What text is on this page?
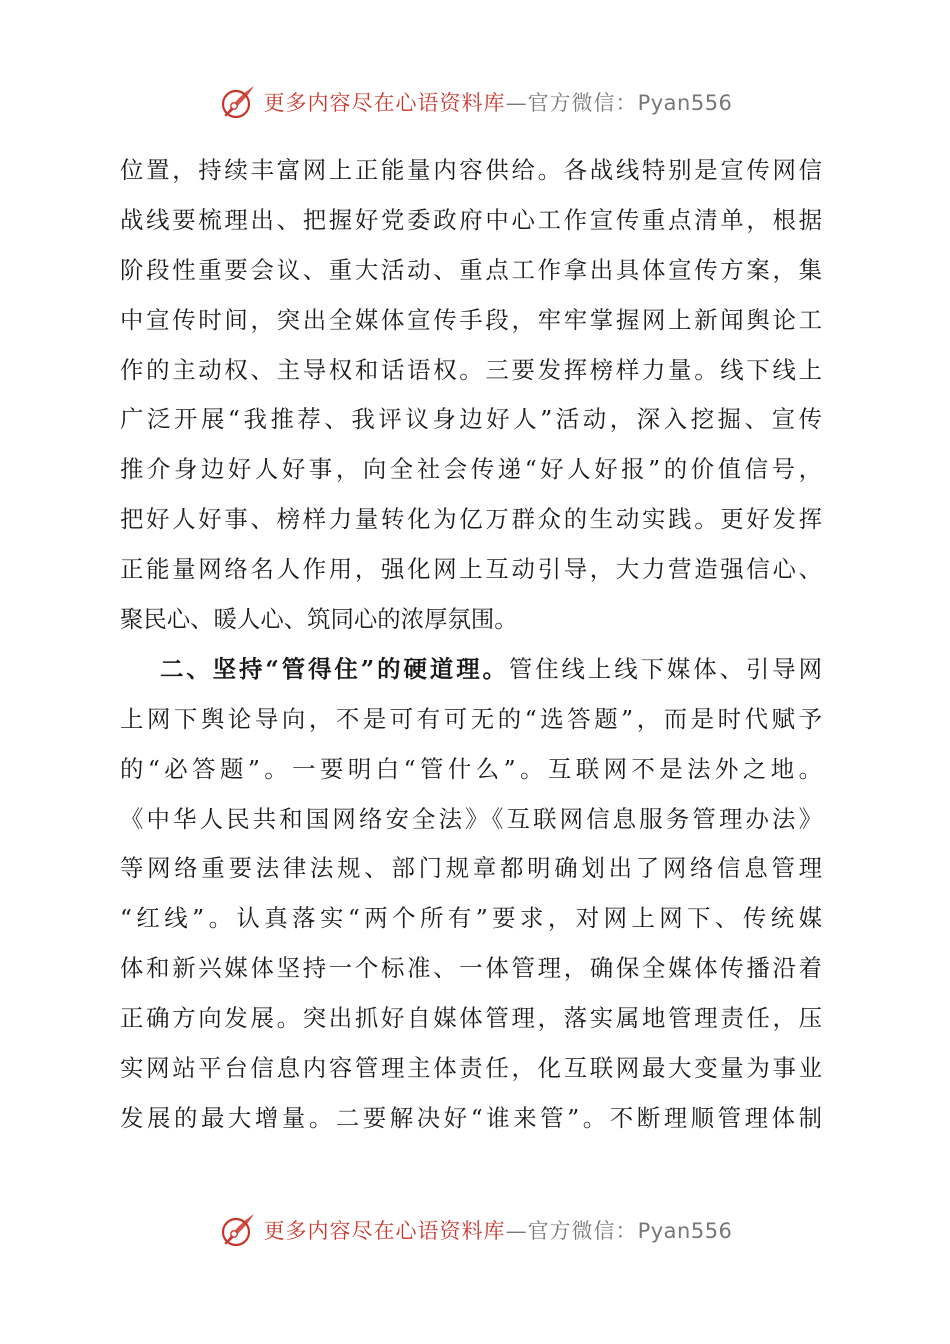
更多内容尽在心语资料库—官方微信：Pyan556
位置，持续丰富网上正能量内容供给。各战线特别是宣传网信
战线要梳理出、把握好党委政府中心工作宣传重点清单，根据
阶段性重要会议、重大活动、重点工作拿出具体宣传方案，集
中宣传时间，突出全媒体宣传手段，牢牢掌握网上新闻舆论工
作的主动权、主导权和话语权。三要发挥榜样力量。线下线上
广泛开展“我推荐、我评议身边好人”活动，深入挖掘、宣传
推介身边好人好事，向全社会传递“好人好报”的价值信号，
把好人好事、榜样力量转化为亿万群众的生动实践。更好发挥
正能量网络名人作用，强化网上互动引导，大力营造强信心、
聚民心、暖人心、筑同心的浓厚氛围。
二、坚持“管得住”的硬道理。管住线上线下媒体、引导网
上网下舆论导向，不是可有可无的“选答题”，而是时代赋予
的“必答题”。一要明白“管什么”。互联网不是法外之地。
《中华人民共和国网络安全法》《互联网信息服务管理办法》
等网络重要法律法规、部门规章都明确划出了网络信息管理
“红线”。认真落实“两个所有”要求，对网上网下、传统媒
体和新兴媒体坚持一个标准、一体管理，确保全媒体传播沿着
正确方向发展。突出抓好自媒体管理，落实属地管理责任，压
实网站平台信息内容管理主体责任，化互联网最大变量为事业
发展的最大增量。二要解决好“谁来管”。不断理顺管理体制
更多内容尽在心语资料库—官方微信：Pyan556
